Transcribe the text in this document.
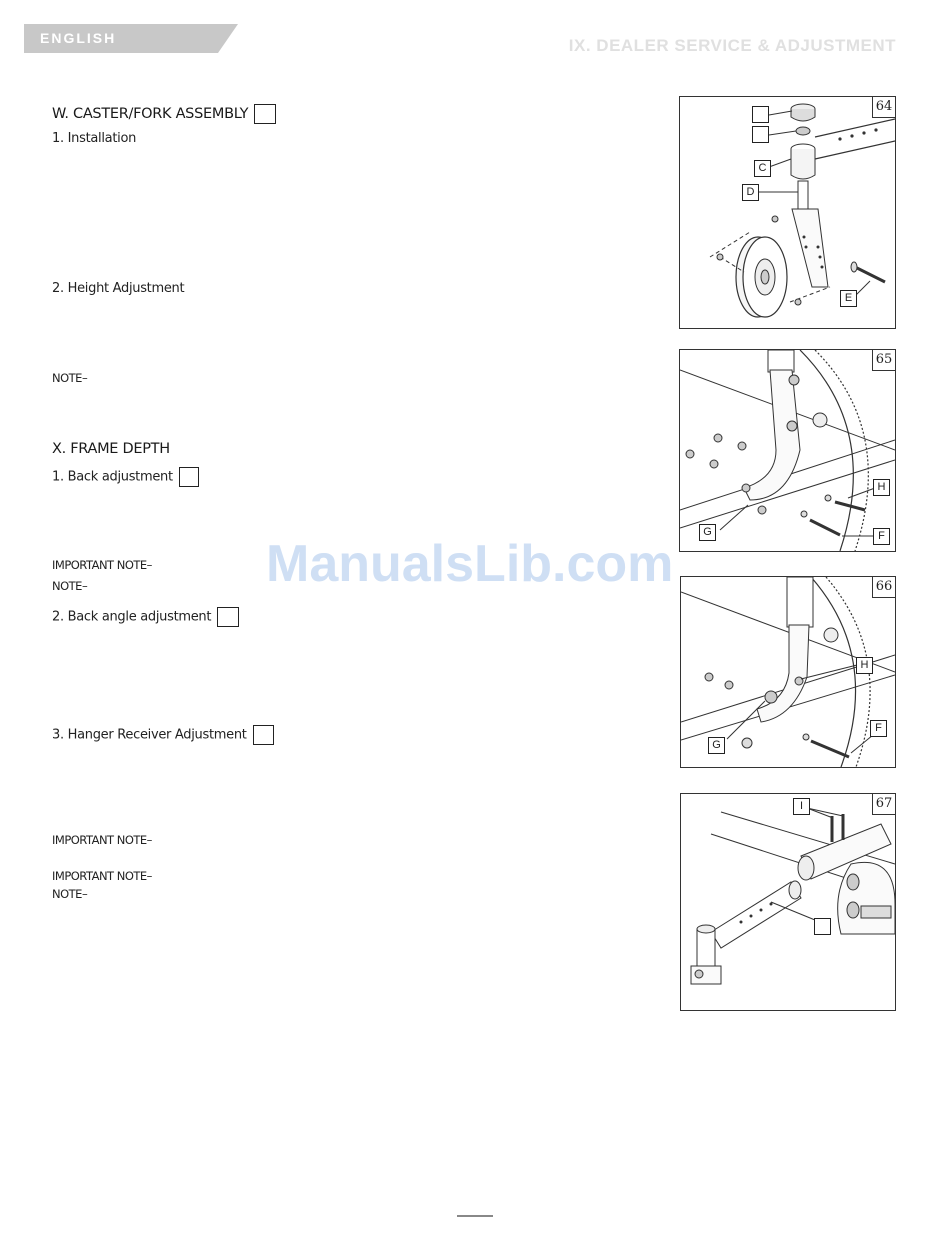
ENGLISH	IX. DEALER SERVICE & ADJUSTMENT
W. CASTER/FORK ASSEMBLY
1. Installation
2. Height Adjustment
NOTE–
X. FRAME DEPTH
1. Back adjustment
IMPORTANT NOTE–
NOTE–
2. Back angle adjustment
3. Hanger Receiver Adjustment
IMPORTANT NOTE–
IMPORTANT NOTE–
NOTE–
64
C
D
E
65
H
G	F
66
H
G
F
67
I
ManualsLib.com
